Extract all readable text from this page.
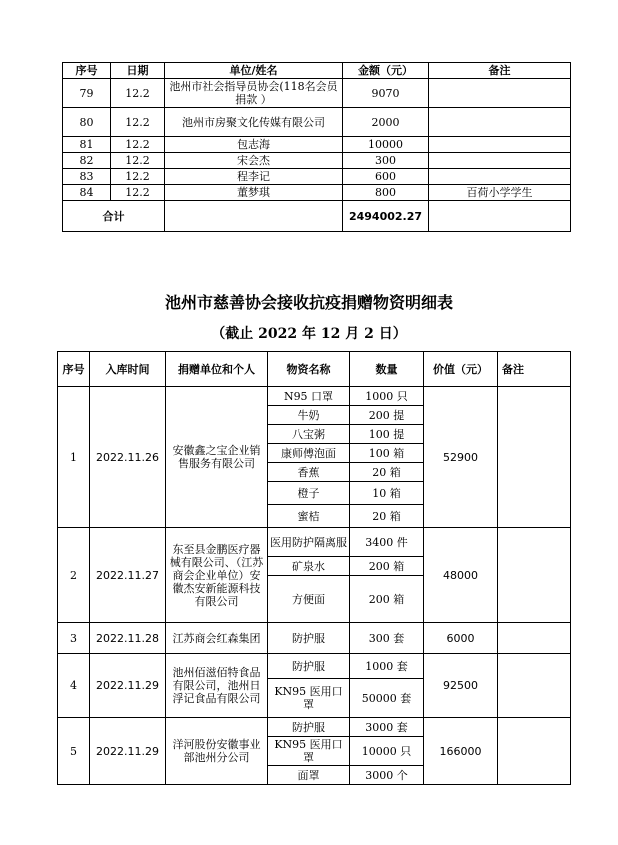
序号	日期	单位/姓名	金额（元）	备注
79	12.2	池州市社会指导员协会(118名会员捐款 ）	9070	
80	12.2	池州市房聚文化传媒有限公司	2000	
81	12.2	包志海	10000	
82	12.2	宋会杰	300	
83	12.2	程李记	600	
84	12.2	董梦琪	800	百荷小学学生
合计			2494002.27	
池州市慈善协会接收抗疫捐赠物资明细表
（截止 2022 年 12 月 2 日）
序号	入库时间	捐赠单位和个人	物资名称	数量	价值（元）	备注
1	2022.11.26	安徽鑫之宝企业销售服务有限公司	N95 口罩	1000 只	52900	
			牛奶	200 提		
			八宝粥	100 提		
			康师傅泡面	100 箱		
			香蕉	20 箱		
			橙子	10 箱		
			蜜桔	20 箱		
2	2022.11.27	东至县金鹏医疗器械有限公司、（江苏商会企业单位）安徽杰安新能源科技有限公司	医用防护隔离服	3400 件	48000	
			矿泉水	200 箱		
			方便面	200 箱		
3	2022.11.28	江苏商会红森集团	防护服	300 套	6000	
4	2022.11.29	池州佰滋佰特食品有限公司，池州日浮记食品有限公司	防护服	1000 套	92500	
			KN95 医用口罩	50000 套		
5	2022.11.29	洋河股份安徽事业部池州分公司	防护服	3000 套	166000	
			KN95 医用口罩	10000 只		
			面罩	3000 个		
